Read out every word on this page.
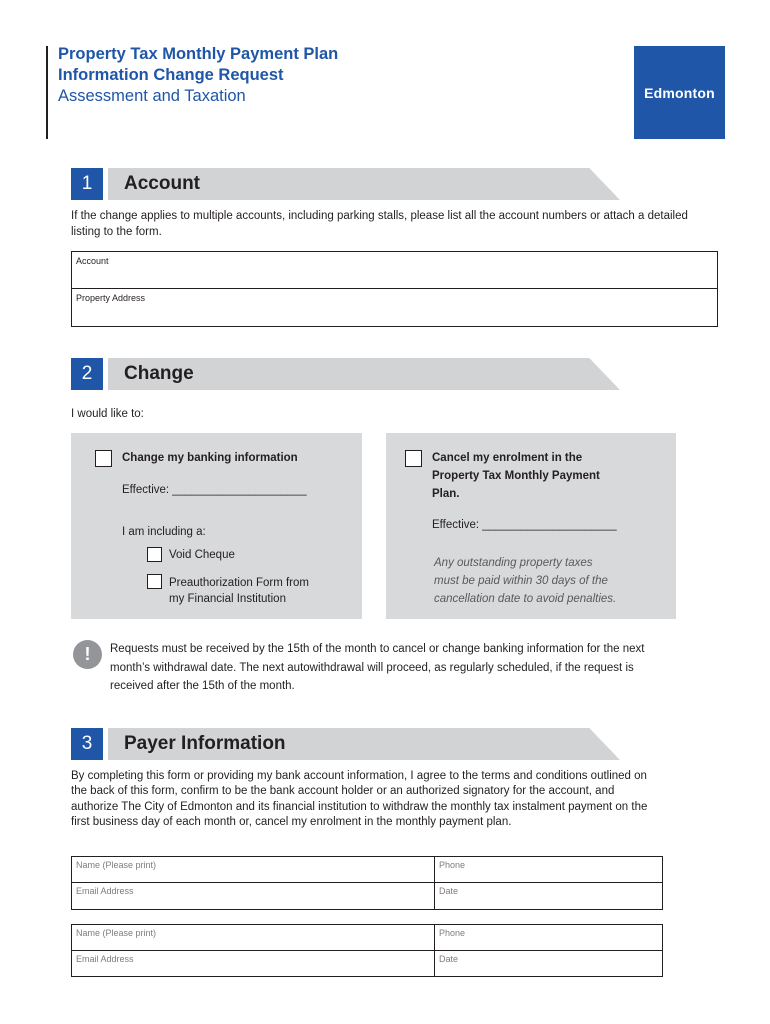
Property Tax Monthly Payment Plan
Information Change Request
Assessment and Taxation	Edmonton
1	Account
If the change applies to multiple accounts, including parking stalls, please list all the account numbers or attach a detailed listing to the form.
Account
Property Address
2	Change
I would like to:
Change my banking information
Effective: _____________________
I am including a:
Void Cheque
Preauthorization Form from
my Financial Institution
Cancel my enrolment in the
Property Tax Monthly Payment
Plan.
Effective: _____________________
Any outstanding property taxes
must be paid within 30 days of the
cancellation date to avoid penalties.
!	Requests must be received by the 15th of the month to cancel or change banking information for the next month’s withdrawal date. The next autowithdrawal will proceed, as regularly scheduled, if the request is received after the 15th of the month.
3	Payer Information
By completing this form or providing my bank account information, I agree to the terms and conditions outlined on the back of this form, confirm to be the bank account holder or an authorized signatory for the account, and authorize The City of Edmonton and its financial institution to withdraw the monthly tax instalment payment on the first business day of each month or, cancel my enrolment in the monthly payment plan.
Name (Please print)	Phone
Email Address	Date
Name (Please print)	Phone
Email Address	Date
